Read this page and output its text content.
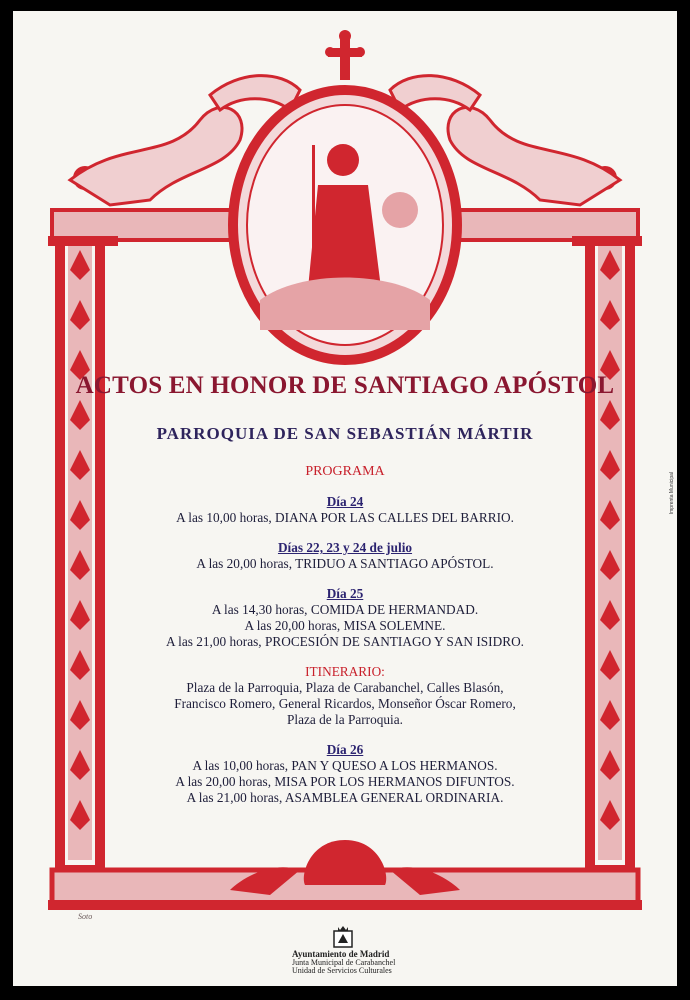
ACTOS EN HONOR DE SANTIAGO APÓSTOL
PARROQUIA DE SAN SEBASTIÁN MÁRTIR
PROGRAMA
Día 24
A las 10,00 horas, DIANA POR LAS CALLES DEL BARRIO.
Días 22, 23 y 24 de julio
A las 20,00 horas, TRIDUO A SANTIAGO APÓSTOL.
Día 25
A las 14,30 horas, COMIDA DE HERMANDAD.
A las 20,00 horas, MISA SOLEMNE.
A las 21,00 horas, PROCESIÓN DE SANTIAGO Y SAN ISIDRO.
ITINERARIO:
Plaza de la Parroquia, Plaza de Carabanchel, Calles Blasón,
Francisco Romero, General Ricardos, Monseñor Óscar Romero,
Plaza de la Parroquia.
Día 26
A las 10,00 horas, PAN Y QUESO A LOS HERMANOS.
A las 20,00 horas, MISA POR LOS HERMANOS DIFUNTOS.
A las 21,00 horas, ASAMBLEA GENERAL ORDINARIA.
Imprenta Municipal
Soto
Ayuntamiento de Madrid
Junta Municipal de Carabanchel
Unidad de Servicios Culturales
